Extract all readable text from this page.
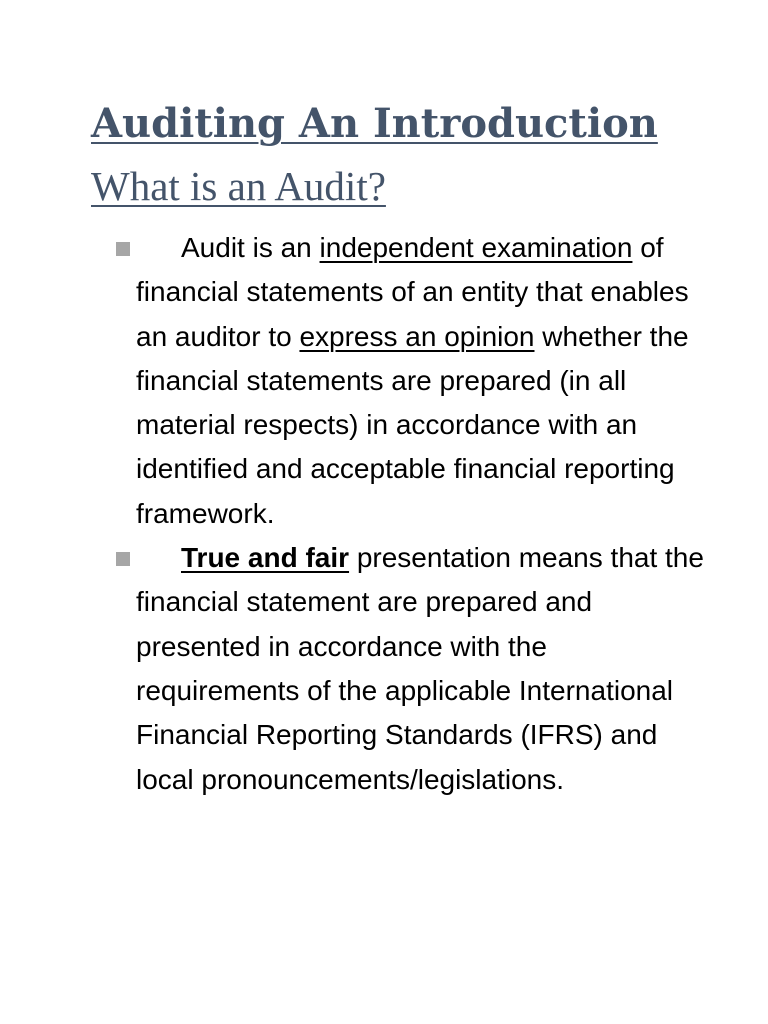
Auditing An Introduction
What is an Audit?
Audit is an independent examination of financial statements of an entity that enables an auditor to express an opinion whether the financial statements are prepared (in all material respects) in accordance with an identified and acceptable financial reporting framework.
True and fair presentation means that the financial statement are prepared and presented in accordance with the requirements of the applicable International Financial Reporting Standards (IFRS) and local pronouncements/legislations.
